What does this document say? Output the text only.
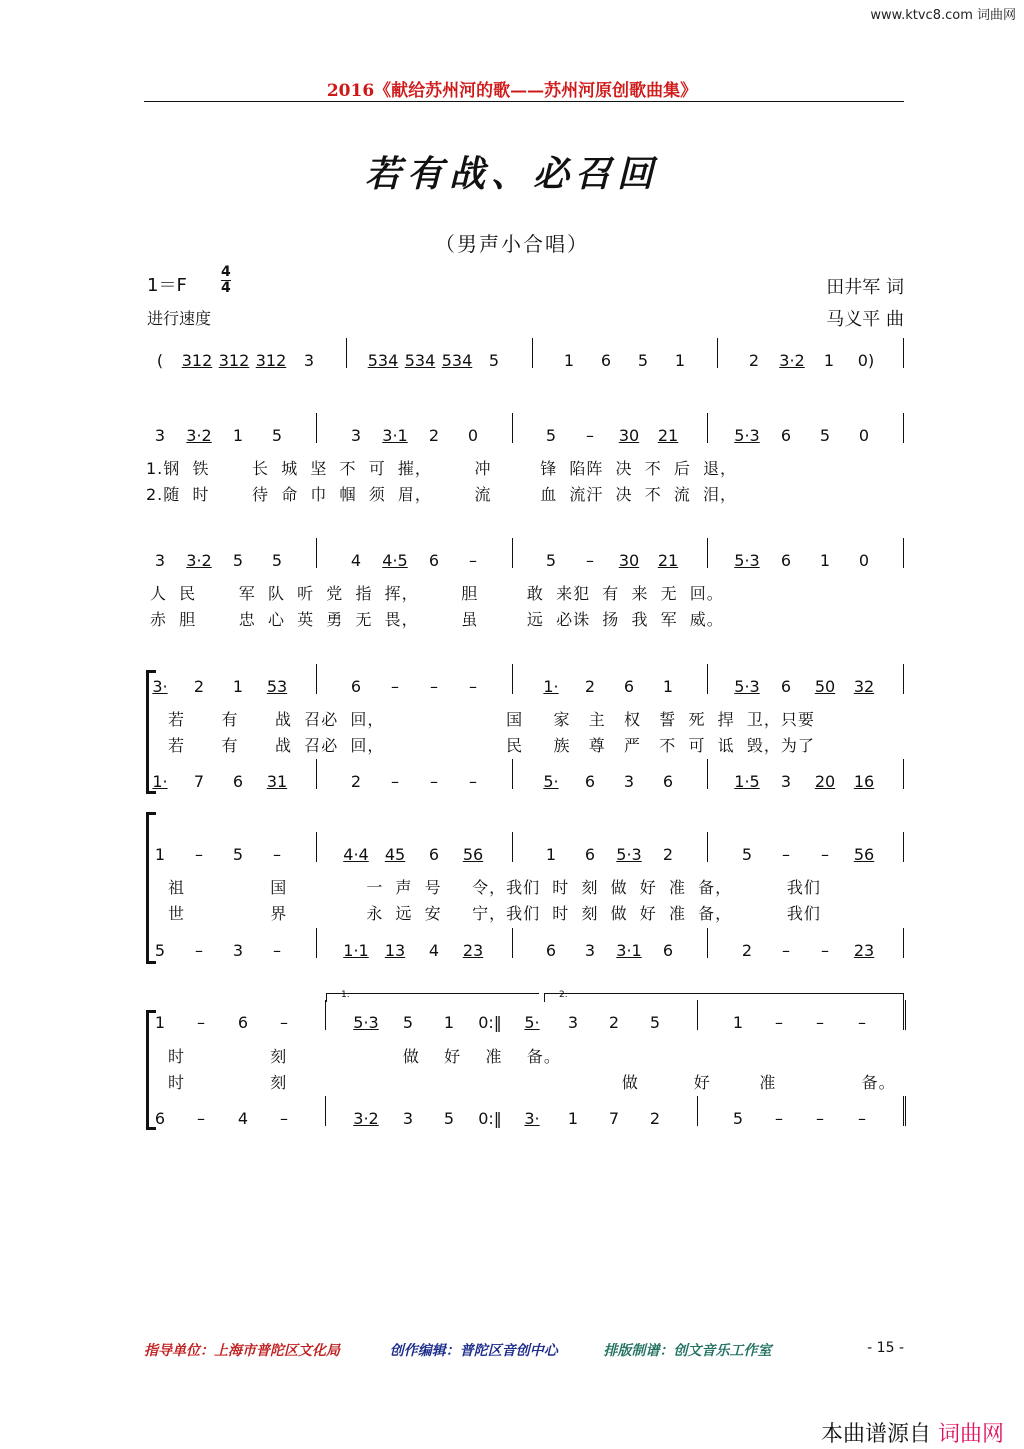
www.ktvc8.com 词曲网
2016《献给苏州河的歌——苏州河原创歌曲集》
若有战、必召回
（男声小合唱）
$1=F \frac{4}{4}$
进行速度
田井军 词
马义平 曲
( 312 312 312 3	534 534 534 5	1 6 5 1	2 3·2 1 0)
3 3·2 1 5	3 3·1 2 0	5 – 30 21	5·3 6 5 0
1.钢  铁       长  城  坚  不  可  摧，       冲        锋  陷阵  决  不  后  退，
2.随  时       待  命  巾  帼  须  眉，       流        血  流汗  决  不  流  泪，
3 3·2 5 5	4 4·5 6 –	5 – 30 21	5·3 6 1 0
人  民       军  队  听  党  指  挥，       胆        敢  来犯  有  来  无  回。
赤  胆       忠  心  英  勇  无  畏，       虽        远  必诛  扬  我  军  威。
3· 2 1 53	6 – – –	1· 2 6 1	5·3 6 50 32
若      有      战  召必  回，                    国     家   主   权   誓  死  捍  卫，只要
若      有      战  召必  回，                    民     族   尊   严   不  可  诋  毁，为了
1· 7 6 31	2 – – –	5· 6 3 6	1·5 3 20 16
1 – 5 –	4·4 45 6 56	1 6 5·3 2	5 – – 56
祖              国             一  声  号     令，我们  时  刻  做  好  准  备，         我们
世              界             永  远  安     宁，我们  时  刻  做  好  准  备，         我们
5 – 3 –	1·1 13 4 23	6 3 3·1 6	2 – – 23
1.	2.
1 – 6 –	5·3 5 1 0:‖ 5· 3 2 5	1 – – –
时              刻                   做    好    准    备。
时              刻                                                       做         好        准              备。
6 – 4 –	3·2 3 5 0:‖ 3· 1 7 2	5 – – –
指导单位：上海市普陀区文化局	创作编辑：普陀区音创中心	排版制谱：创文音乐工作室	- 15 -
本曲谱源自 词曲网
